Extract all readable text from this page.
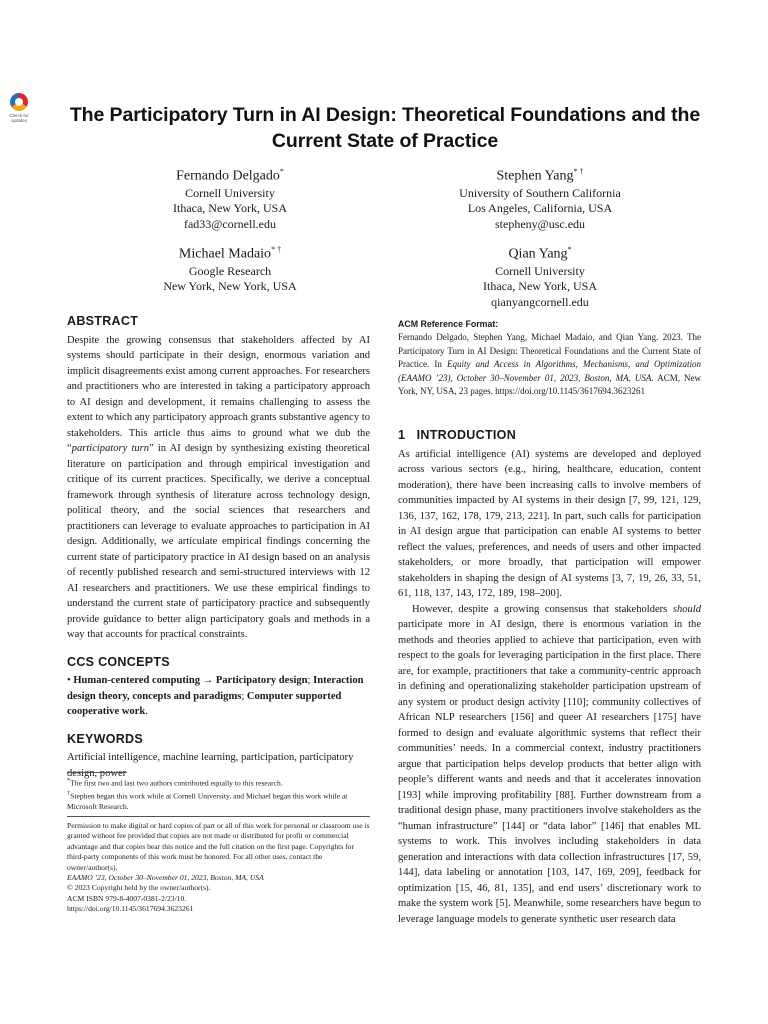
Check for updates	The Participatory Turn in AI Design: Theoretical Foundations and the Current State of Practice
Fernando Delgado*
Cornell University
Ithaca, New York, USA
fad33@cornell.edu
Stephen Yang* †
University of Southern California
Los Angeles, California, USA
stepheny@usc.edu
Michael Madaio* †
Google Research
New York, New York, USA
Qian Yang*
Cornell University
Ithaca, New York, USA
qianyangcornell.edu
ABSTRACT

Despite the growing consensus that stakeholders affected by AI systems should participate in their design, enormous variation and implicit disagreements exist among current approaches. For researchers and practitioners who are interested in taking a participatory approach to AI design and development, it remains challenging to assess the extent to which any participatory approach grants substantive agency to stakeholders. This article thus aims to ground what we dub the “participatory turn” in AI design by synthesizing existing theoretical literature on participation and through empirical investigation and critique of its current practices. Specifically, we derive a conceptual framework through synthesis of literature across technology design, political theory, and the social sciences that researchers and practitioners can leverage to evaluate approaches to participation in AI design. Additionally, we articulate empirical findings concerning the current state of participatory practice in AI design based on an analysis of recently published research and semi-structured interviews with 12 AI researchers and practitioners. We use these empirical findings to understand the current state of participatory practice and subsequently provide guidance to better align participatory goals and methods in a way that accounts for practical constraints.

CCS CONCEPTS

• Human-centered computing → Participatory design; Interaction design theory, concepts and paradigms; Computer supported cooperative work.

KEYWORDS

Artificial intelligence, machine learning, participation, participatory design, power

*The first two and last two authors contributed equally to this research.

†Stephen began this work while at Cornell University, and Michael began this work while at Microsoft Research.

Permission to make digital or hard copies of part or all of this work for personal or classroom use is granted without fee provided that copies are not made or distributed for profit or commercial advantage and that copies bear this notice and the full citation on the first page. Copyrights for third-party components of this work must be honored. For all other uses, contact the owner/author(s).

EAAMO ’23, October 30–November 01, 2023, Boston, MA, USA

© 2023 Copyright held by the owner/author(s).

ACM ISBN 979-8-4007-0381-2/23/10.

https://doi.org/10.1145/3617694.3623261

ACM Reference Format:

Fernando Delgado, Stephen Yang, Michael Madaio, and Qian Yang. 2023. The Participatory Turn in AI Design: Theoretical Foundations and the Current State of Practice. In Equity and Access in Algorithms, Mechanisms, and Optimization (EAAMO ’23), October 30–November 01, 2023, Boston, MA, USA. ACM, New York, NY, USA, 23 pages. https://doi.org/10.1145/3617694.3623261

1 INTRODUCTION

As artificial intelligence (AI) systems are developed and deployed across various sectors (e.g., hiring, healthcare, education, content moderation), there have been increasing calls to involve members of communities impacted by AI systems in their design [7, 99, 121, 129, 136, 137, 162, 178, 179, 213, 221]. In part, such calls for participation in AI design argue that participation can enable AI systems to better reflect the values, preferences, and needs of users and other impacted stakeholders, or more broadly, that participation will empower stakeholders in shaping the design of AI systems [3, 7, 19, 26, 33, 51, 61, 118, 137, 143, 172, 189, 198–200].

However, despite a growing consensus that stakeholders should participate more in AI design, there is enormous variation in the methods and theories applied to achieve that participation, even with respect to the goals for leveraging participation in the first place. There are, for example, practitioners that take a community-centric approach in defining and operationalizing stakeholder participation upstream of any system or product design activity [110]; community collectives of African NLP researchers [156] and queer AI researchers [175] have formed to design and evaluate algorithmic systems that reflect their communities’ needs. In a commercial context, industry practitioners argue that participation helps develop products that better align with people’s different wants and needs and that it accelerates innovation [193] while improving profitability [88]. Further downstream from a traditional design phase, many practitioners involve stakeholders as the “human infrastructure” [144] or “data labor” [146] that enables ML systems to work. This involves including stakeholders in data generation and interactions with data collection infrastructures [17, 59, 144], data labeling or annotation [103, 147, 169, 209], feedback for optimization [15, 46, 81, 135], and end users’ discretionary work to make the system work [5]. Meanwhile, some researchers have begun to leverage language models to generate synthetic user research data
